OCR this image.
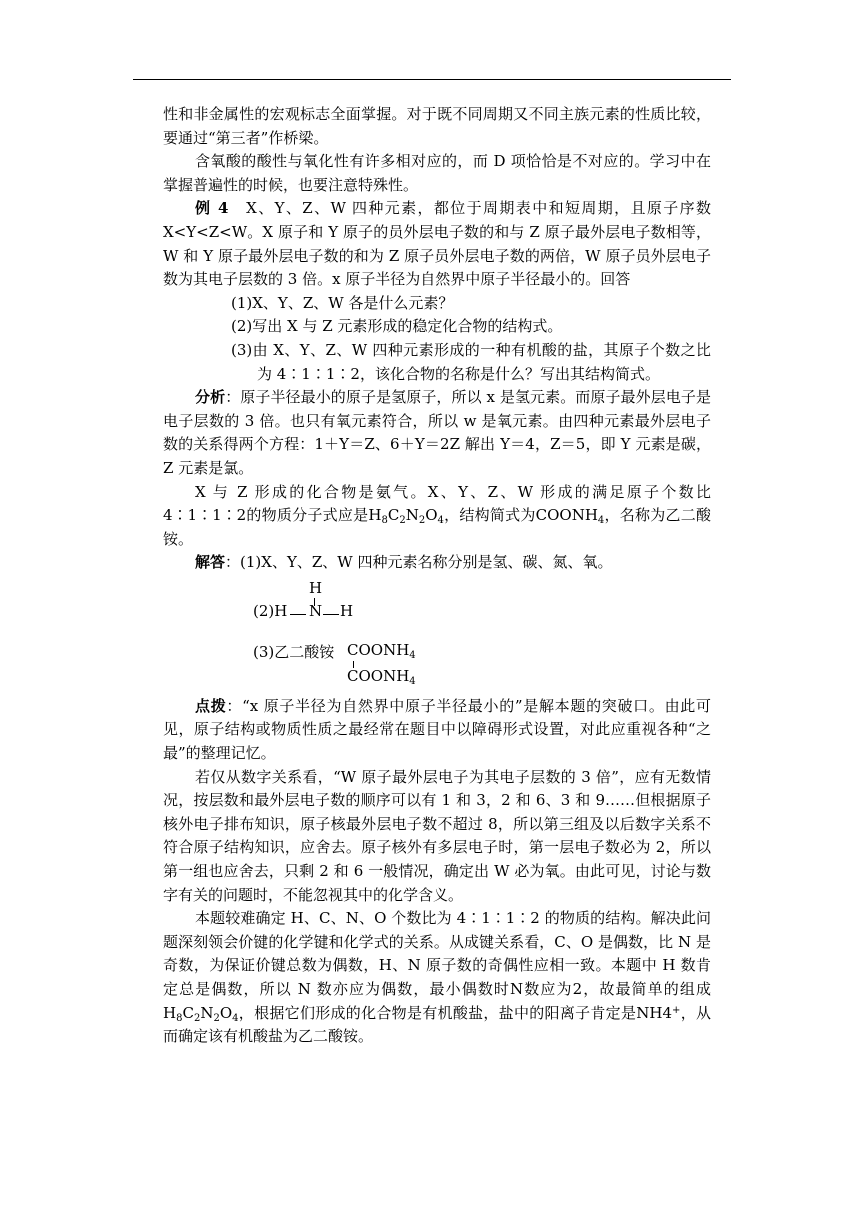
性和非金属性的宏观标志全面掌握。对于既不同周期又不同主族元素的性质比较，要通过“第三者”作桥梁。

含氧酸的酸性与氧化性有许多相对应的，而 D 项恰恰是不对应的。学习中在掌握普遍性的时候，也要注意特殊性。

例 4　X、Y、Z、W 四种元素，都位于周期表中和短周期，且原子序数 X<Y<Z<W。X 原子和 Y 原子的员外层电子数的和与 Z 原子最外层电子数相等，W 和 Y 原子最外层电子数的和为 Z 原子员外层电子数的两倍，W 原子员外层电子数为其电子层数的 3 倍。x 原子半径为自然界中原子半径最小的。回答

(1)X、Y、Z、W 各是什么元素？

(2)写出 X 与 Z 元素形成的稳定化合物的结构式。

(3)由 X、Y、Z、W 四种元素形成的一种有机酸的盐，其原子个数之比为 4∶1∶1∶2，该化合物的名称是什么？写出其结构简式。

分析：原子半径最小的原子是氢原子，所以 x 是氢元素。而原子最外层电子是电子层数的 3 倍。也只有氧元素符合，所以 w 是氧元素。由四种元素最外层电子数的关系得两个方程：1＋Y＝Z、6＋Y＝2Z 解出 Y＝4，Z＝5，即 Y 元素是碳，Z 元素是氯。

X 与 Z 形成的化合物是氨气。X、Y、Z、W 形成的满足原子个数比4∶1∶1∶2的物质分子式应是$H_8C_2N_2O_4$，结构简式为$COONH_4$，名称为乙二酸铵。

解答：(1)X、Y、Z、W 四种元素名称分别是氢、碳、氮、氧。

H
(2)H N H
(3)乙二酸铵 $COONH_4$
$COONH_4$

点拨：“x 原子半径为自然界中原子半径最小的”是解本题的突破口。由此可见，原子结构或物质性质之最经常在题目中以障碍形式设置，对此应重视各种“之最”的整理记忆。

若仅从数字关系看，“W 原子最外层电子为其电子层数的 3 倍”，应有无数情况，按层数和最外层电子数的顺序可以有 1 和 3，2 和 6、3 和 9……但根据原子核外电子排布知识，原子核最外层电子数不超过 8，所以第三组及以后数字关系不符合原子结构知识，应舍去。原子核外有多层电子时，第一层电子数必为 2，所以第一组也应舍去，只剩 2 和 6 一般情况，确定出 W 必为氧。由此可见，讨论与数字有关的问题时，不能忽视其中的化学含义。

本题较难确定 H、C、N、O 个数比为 4∶1∶1∶2 的物质的结构。解决此问题深刻领会价键的化学键和化学式的关系。从成键关系看，C、O 是偶数，比 N 是奇数，为保证价键总数为偶数，H、N 原子数的奇偶性应相一致。本题中 H 数肯定总是偶数，所以 N 数亦应为偶数，最小偶数时N数应为2，故最简单的组成$H_8C_2N_2O_4$，根据它们形成的化合物是有机酸盐，盐中的阳离子肯定是NH4+，从而确定该有机酸盐为乙二酸铵。
